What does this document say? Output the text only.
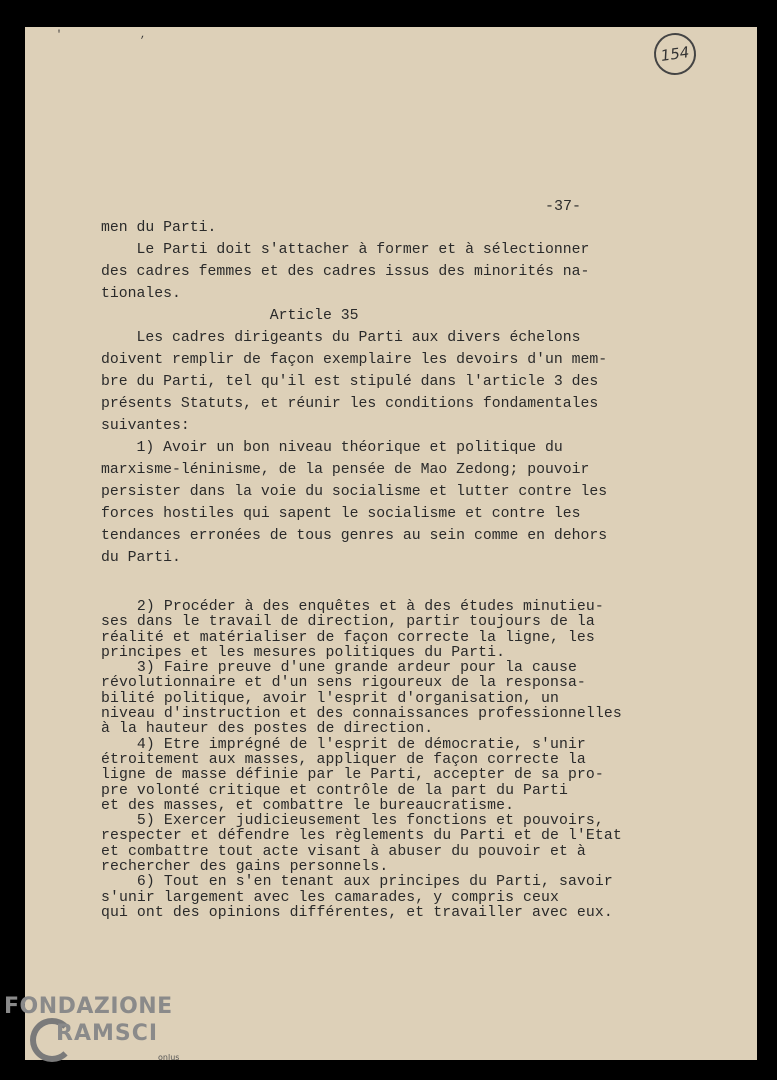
' ,
154
-37-
men du Parti.
Le Parti doit s'attacher à former et à sélectionner
des cadres femmes et des cadres issus des minorités na-
tionales.
Article 35
Les cadres dirigeants du Parti aux divers échelons
doivent remplir de façon exemplaire les devoirs d'un mem-
bre du Parti, tel qu'il est stipulé dans l'article 3 des
présents Statuts, et réunir les conditions fondamentales
suivantes:
1) Avoir un bon niveau théorique et politique du
marxisme-léninisme, de la pensée de Mao Zedong; pouvoir
persister dans la voie du socialisme et lutter contre les
forces hostiles qui sapent le socialisme et contre les
tendances erronées de tous genres au sein comme en dehors
du Parti.
2) Procéder à des enquêtes et à des études minutieu-
ses dans le travail de direction, partir toujours de la
réalité et matérialiser de façon correcte la ligne, les
principes et les mesures politiques du Parti.
3) Faire preuve d'une grande ardeur pour la cause
révolutionnaire et d'un sens rigoureux de la responsa-
bilité politique, avoir l'esprit d'organisation, un
niveau d'instruction et des connaissances professionnelles
à la hauteur des postes de direction.
4) Etre imprégné de l'esprit de démocratie, s'unir
étroitement aux masses, appliquer de façon correcte la
ligne de masse définie par le Parti, accepter de sa pro-
pre volonté critique et contrôle de la part du Parti
et des masses, et combattre le bureaucratisme.
5) Exercer judicieusement les fonctions et pouvoirs,
respecter et défendre les règlements du Parti et de l'Etat
et combattre tout acte visant à abuser du pouvoir et à
rechercher des gains personnels.
6) Tout en s'en tenant aux principes du Parti, savoir
s'unir largement avec les camarades, y compris ceux
qui ont des opinions différentes, et travailler avec eux.
FONDAZIONE
RAMSCI
onlus
